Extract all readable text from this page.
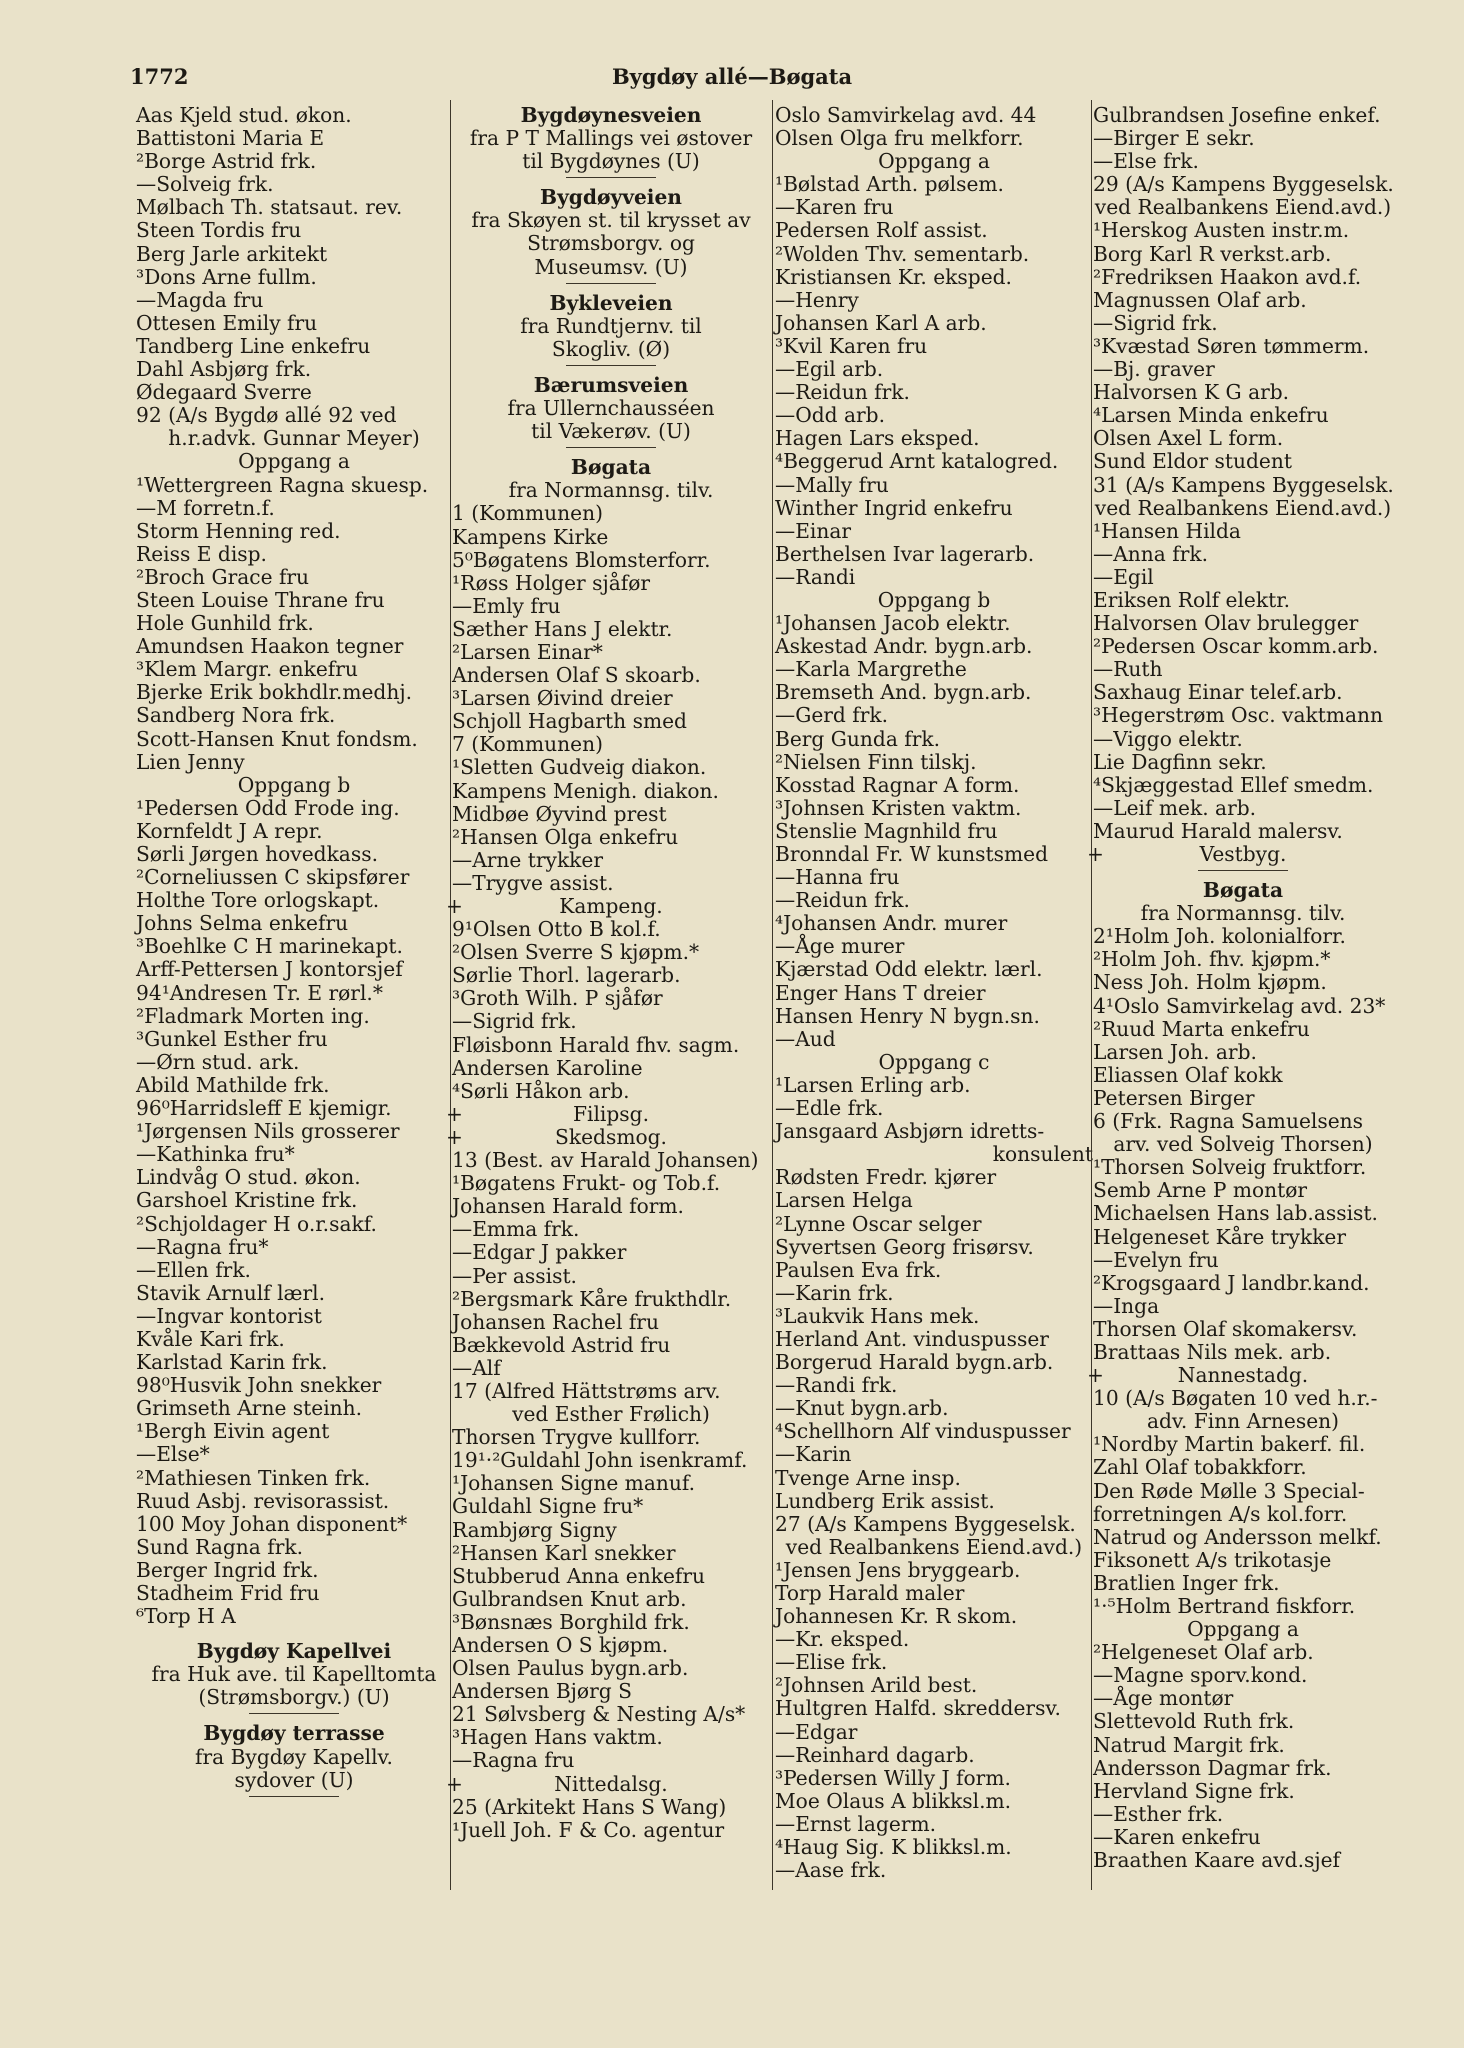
1772	Bygdøy allé—Bøgata
Aas Kjeld stud. økon.
Battistoni Maria E
²Borge Astrid frk.
—Solveig frk.
Mølbach Th. statsaut. rev.
Steen Tordis fru
Berg Jarle arkitekt
³Dons Arne fullm.
—Magda fru
Ottesen Emily fru
Tandberg Line enkefru
Dahl Asbjørg frk.
Ødegaard Sverre
92 (A/s Bygdø allé 92 ved
h.r.advk. Gunnar Meyer)
Oppgang a
¹Wettergreen Ragna skuesp.
—M forretn.f.
Storm Henning red.
Reiss E disp.
²Broch Grace fru
Steen Louise Thrane fru
Hole Gunhild frk.
Amundsen Haakon tegner
³Klem Margr. enkefru
Bjerke Erik bokhdlr.medhj.
Sandberg Nora frk.
Scott-Hansen Knut fondsm.
Lien Jenny
Oppgang b
¹Pedersen Odd Frode ing.
Kornfeldt J A repr.
Sørli Jørgen hovedkass.
²Corneliussen C skipsfører
Holthe Tore orlogskapt.
Johns Selma enkefru
³Boehlke C H marinekapt.
Arff-Pettersen J kontorsjef
94¹Andresen Tr. E rørl.*
²Fladmark Morten ing.
³Gunkel Esther fru
—Ørn stud. ark.
Abild Mathilde frk.
96⁰Harridsleff E kjemigr.
¹Jørgensen Nils grosserer
—Kathinka fru*
Lindvåg O stud. økon.
Garshoel Kristine frk.
²Schjoldager H o.r.sakf.
—Ragna fru*
—Ellen frk.
Stavik Arnulf lærl.
—Ingvar kontorist
Kvåle Kari frk.
Karlstad Karin frk.
98⁰Husvik John snekker
Grimseth Arne steinh.
¹Bergh Eivin agent
—Else*
²Mathiesen Tinken frk.
Ruud Asbj. revisorassist.
100 Moy Johan disponent*
Sund Ragna frk.
Berger Ingrid frk.
Stadheim Frid fru
⁶Torp H A
Bygdøy Kapellvei
fra Huk ave. til Kapelltomta
(Strømsborgv.) (U)
Bygdøy terrasse
fra Bygdøy Kapellv.
sydover (U)
Bygdøynesveien
fra P T Mallings vei østover
til Bygdøynes (U)
Bygdøyveien
fra Skøyen st. til krysset av
Strømsborgv. og
Museumsv. (U)
Bykleveien
fra Rundtjernv. til
Skogliv. (Ø)
Bærumsveien
fra Ullernchausséen
til Vækerøv. (U)
Bøgata
fra Normannsg. tilv.
1 (Kommunen)
Kampens Kirke
5⁰Bøgatens Blomsterforr.
¹Røss Holger sjåfør
—Emly fru
Sæther Hans J elektr.
²Larsen Einar*
Andersen Olaf S skoarb.
³Larsen Øivind dreier
Schjoll Hagbarth smed
7 (Kommunen)
¹Sletten Gudveig diakon.
Kampens Menigh. diakon.
Midbøe Øyvind prest
²Hansen Olga enkefru
—Arne trykker
—Trygve assist.
+	Kampeng.
9¹Olsen Otto B kol.f.
²Olsen Sverre S kjøpm.*
Sørlie Thorl. lagerarb.
³Groth Wilh. P sjåfør
—Sigrid frk.
Fløisbonn Harald fhv. sagm.
Andersen Karoline
⁴Sørli Håkon arb.
+	Filipsg.
+	Skedsmog.
13 (Best. av Harald Johansen)
¹Bøgatens Frukt- og Tob.f.
Johansen Harald form.
—Emma frk.
—Edgar J pakker
—Per assist.
²Bergsmark Kåre frukthdlr.
Johansen Rachel fru
Bækkevold Astrid fru
—Alf
17 (Alfred Hättstrøms arv.
ved Esther Frølich)
Thorsen Trygve kullforr.
19¹·²Guldahl John isenkramf.
¹Johansen Signe manuf.
Guldahl Signe fru*
Rambjørg Signy
²Hansen Karl snekker
Stubberud Anna enkefru
Gulbrandsen Knut arb.
³Bønsnæs Borghild frk.
Andersen O S kjøpm.
Olsen Paulus bygn.arb.
Andersen Bjørg S
21 Sølvsberg & Nesting A/s*
³Hagen Hans vaktm.
—Ragna fru
+	Nittedalsg.
25 (Arkitekt Hans S Wang)
¹Juell Joh. F & Co. agentur
Oslo Samvirkelag avd. 44
Olsen Olga fru melkforr.
Oppgang a
¹Bølstad Arth. pølsem.
—Karen fru
Pedersen Rolf assist.
²Wolden Thv. sementarb.
Kristiansen Kr. eksped.
—Henry
Johansen Karl A arb.
³Kvil Karen fru
—Egil arb.
—Reidun frk.
—Odd arb.
Hagen Lars eksped.
⁴Beggerud Arnt katalogred.
—Mally fru
Winther Ingrid enkefru
—Einar
Berthelsen Ivar lagerarb.
—Randi
Oppgang b
¹Johansen Jacob elektr.
Askestad Andr. bygn.arb.
—Karla Margrethe
Bremseth And. bygn.arb.
—Gerd frk.
Berg Gunda frk.
²Nielsen Finn tilskj.
Kosstad Ragnar A form.
³Johnsen Kristen vaktm.
Stenslie Magnhild fru
Bronndal Fr. W kunstsmed
—Hanna fru
—Reidun frk.
⁴Johansen Andr. murer
—Åge murer
Kjærstad Odd elektr. lærl.
Enger Hans T dreier
Hansen Henry N bygn.sn.
—Aud
Oppgang c
¹Larsen Erling arb.
—Edle frk.
Jansgaard Asbjørn idretts-
konsulent
Rødsten Fredr. kjører
Larsen Helga
²Lynne Oscar selger
Syvertsen Georg frisørsv.
Paulsen Eva frk.
—Karin frk.
³Laukvik Hans mek.
Herland Ant. vinduspusser
Borgerud Harald bygn.arb.
—Randi frk.
—Knut bygn.arb.
⁴Schellhorn Alf vinduspusser
—Karin
Tvenge Arne insp.
Lundberg Erik assist.
27 (A/s Kampens Byggeselsk.
ved Realbankens Eiend.avd.)
¹Jensen Jens bryggearb.
Torp Harald maler
Johannesen Kr. R skom.
—Kr. eksped.
—Elise frk.
²Johnsen Arild best.
Hultgren Halfd. skreddersv.
—Edgar
—Reinhard dagarb.
³Pedersen Willy J form.
Moe Olaus A blikksl.m.
—Ernst lagerm.
⁴Haug Sig. K blikksl.m.
—Aase frk.
Gulbrandsen Josefine enkef.
—Birger E sekr.
—Else frk.
29 (A/s Kampens Byggeselsk.
ved Realbankens Eiend.avd.)
¹Herskog Austen instr.m.
Borg Karl R verkst.arb.
²Fredriksen Haakon avd.f.
Magnussen Olaf arb.
—Sigrid frk.
³Kvæstad Søren tømmerm.
—Bj. graver
Halvorsen K G arb.
⁴Larsen Minda enkefru
Olsen Axel L form.
Sund Eldor student
31 (A/s Kampens Byggeselsk.
ved Realbankens Eiend.avd.)
¹Hansen Hilda
—Anna frk.
—Egil
Eriksen Rolf elektr.
Halvorsen Olav brulegger
²Pedersen Oscar komm.arb.
—Ruth
Saxhaug Einar telef.arb.
³Hegerstrøm Osc. vaktmann
—Viggo elektr.
Lie Dagfinn sekr.
⁴Skjæggestad Ellef smedm.
—Leif mek. arb.
Maurud Harald malersv.
+	Vestbyg.
Bøgata
fra Normannsg. tilv.
2¹Holm Joh. kolonialforr.
²Holm Joh. fhv. kjøpm.*
Ness Joh. Holm kjøpm.
4¹Oslo Samvirkelag avd. 23*
²Ruud Marta enkefru
Larsen Joh. arb.
Eliassen Olaf kokk
Petersen Birger
6 (Frk. Ragna Samuelsens
arv. ved Solveig Thorsen)
¹Thorsen Solveig fruktforr.
Semb Arne P montør
Michaelsen Hans lab.assist.
Helgeneset Kåre trykker
—Evelyn fru
²Krogsgaard J landbr.kand.
—Inga
Thorsen Olaf skomakersv.
Brattaas Nils mek. arb.
+	Nannestadg.
10 (A/s Bøgaten 10 ved h.r.-
adv. Finn Arnesen)
¹Nordby Martin bakerf. fil.
Zahl Olaf tobakkforr.
Den Røde Mølle 3 Special-
forretningen A/s kol.forr.
Natrud og Andersson melkf.
Fiksonett A/s trikotasje
Bratlien Inger frk.
¹·⁵Holm Bertrand fiskforr.
Oppgang a
²Helgeneset Olaf arb.
—Magne sporv.kond.
—Åge montør
Slettevold Ruth frk.
Natrud Margit frk.
Andersson Dagmar frk.
Hervland Signe frk.
—Esther frk.
—Karen enkefru
Braathen Kaare avd.sjef
